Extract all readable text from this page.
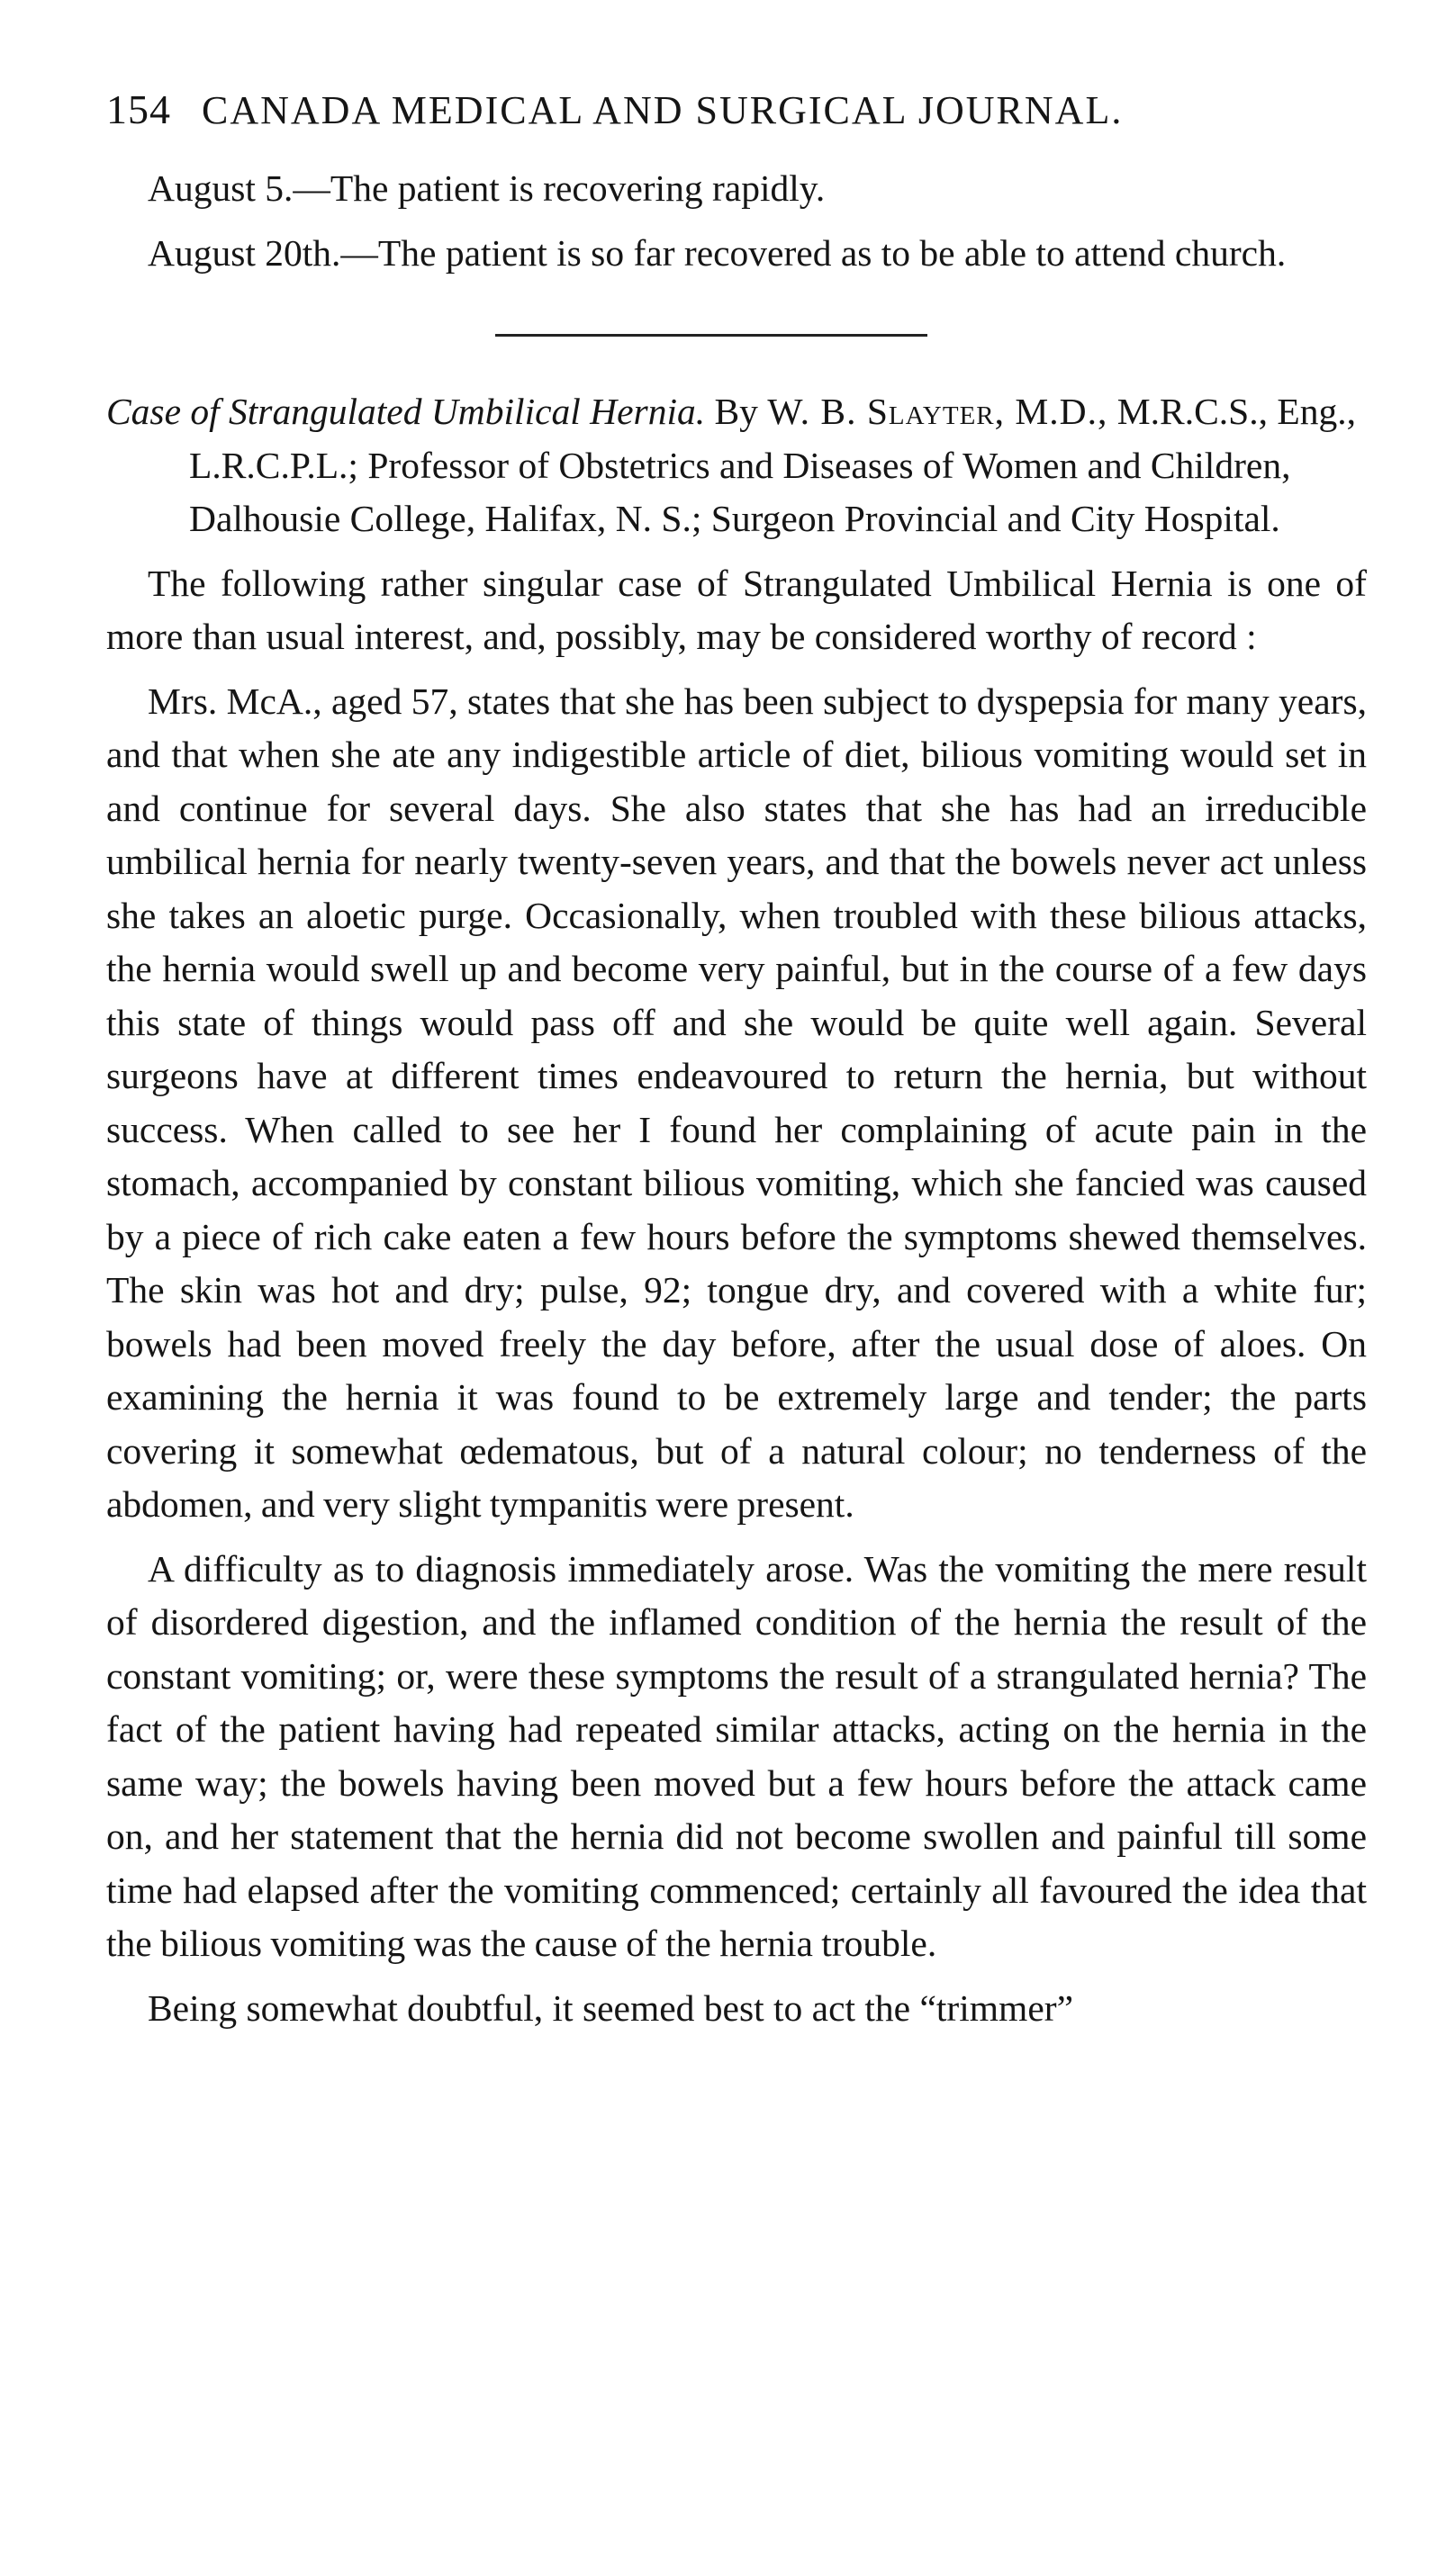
154 CANADA MEDICAL AND SURGICAL JOURNAL.

August 5.—The patient is recovering rapidly.

August 20th.—The patient is so far recovered as to be able to attend church.

Case of Strangulated Umbilical Hernia. By W. B. Slayter, M.D., M.R.C.S., Eng., L.R.C.P.L.; Professor of Obstetrics and Diseases of Women and Children, Dalhousie College, Halifax, N. S.; Surgeon Provincial and City Hospital.

The following rather singular case of Strangulated Umbilical Hernia is one of more than usual interest, and, possibly, may be considered worthy of record :

Mrs. McA., aged 57, states that she has been subject to dyspepsia for many years, and that when she ate any indigestible article of diet, bilious vomiting would set in and continue for several days. She also states that she has had an irreducible umbilical hernia for nearly twenty-seven years, and that the bowels never act unless she takes an aloetic purge. Occasionally, when troubled with these bilious attacks, the hernia would swell up and become very painful, but in the course of a few days this state of things would pass off and she would be quite well again. Several surgeons have at different times endeavoured to return the hernia, but without success. When called to see her I found her complaining of acute pain in the stomach, accompanied by constant bilious vomiting, which she fancied was caused by a piece of rich cake eaten a few hours before the symptoms shewed themselves. The skin was hot and dry; pulse, 92; tongue dry, and covered with a white fur; bowels had been moved freely the day before, after the usual dose of aloes. On examining the hernia it was found to be extremely large and tender; the parts covering it somewhat œdematous, but of a natural colour; no tenderness of the abdomen, and very slight tympanitis were present.

A difficulty as to diagnosis immediately arose. Was the vomiting the mere result of disordered digestion, and the inflamed condition of the hernia the result of the constant vomiting; or, were these symptoms the result of a strangulated hernia? The fact of the patient having had repeated similar attacks, acting on the hernia in the same way; the bowels having been moved but a few hours before the attack came on, and her statement that the hernia did not become swollen and painful till some time had elapsed after the vomiting commenced; certainly all favoured the idea that the bilious vomiting was the cause of the hernia trouble.

Being somewhat doubtful, it seemed best to act the “trimmer”
